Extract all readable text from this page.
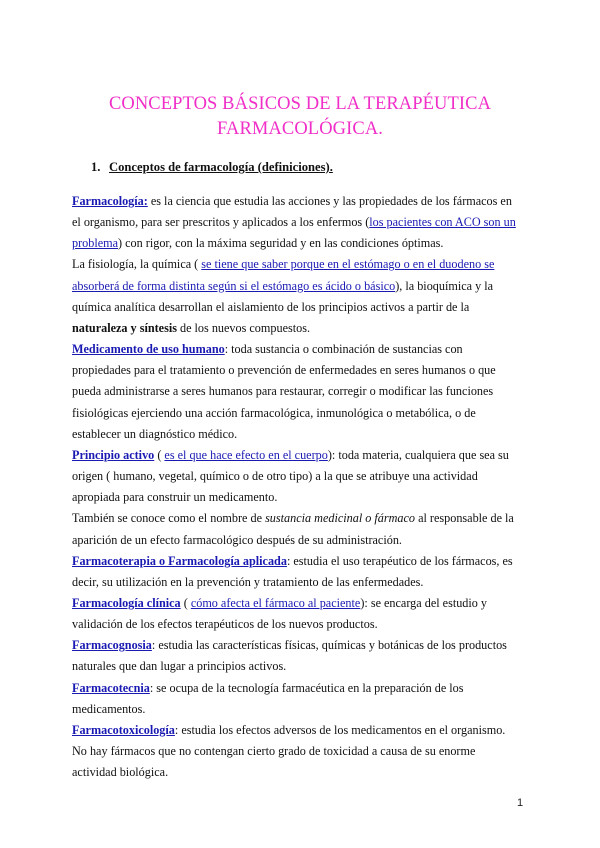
CONCEPTOS BÁSICOS DE LA TERAPÉUTICA
FARMACOLÓGICA.
1. Conceptos de farmacología (definiciones).

Farmacología: es la ciencia que estudia las acciones y las propiedades de los fármacos en el organismo, para ser prescritos y aplicados a los enfermos (los pacientes con ACO son un problema) con rigor, con la máxima seguridad y en las condiciones óptimas.

La fisiología, la química ( se tiene que saber porque en el estómago o en el duodeno se absorberá de forma distinta según si el estómago es ácido o básico), la bioquímica y la química analítica desarrollan el aislamiento de los principios activos a partir de la naturaleza y síntesis de los nuevos compuestos.

Medicamento de uso humano: toda sustancia o combinación de sustancias con propiedades para el tratamiento o prevención de enfermedades en seres humanos o que pueda administrarse a seres humanos para restaurar, corregir o modificar las funciones fisiológicas ejerciendo una acción farmacológica, inmunológica o metabólica, o de establecer un diagnóstico médico.

Principio activo ( es el que hace efecto en el cuerpo): toda materia, cualquiera que sea su origen ( humano, vegetal, químico o de otro tipo) a la que se atribuye una actividad apropiada para construir un medicamento.

También se conoce como el nombre de sustancia medicinal o fármaco al responsable de la aparición de un efecto farmacológico después de su administración.

Farmacoterapia o Farmacología aplicada: estudia el uso terapéutico de los fármacos, es decir, su utilización en la prevención y tratamiento de las enfermedades.

Farmacología clínica ( cómo afecta el fármaco al paciente): se encarga del estudio y validación de los efectos terapéuticos de los nuevos productos.

Farmacognosia: estudia las características físicas, químicas y botánicas de los productos naturales que dan lugar a principios activos.

Farmacotecnia: se ocupa de la tecnología farmacéutica en la preparación de los medicamentos.

Farmacotoxicología: estudia los efectos adversos de los medicamentos en el organismo. No hay fármacos que no contengan cierto grado de toxicidad a causa de su enorme actividad biológica.

1
